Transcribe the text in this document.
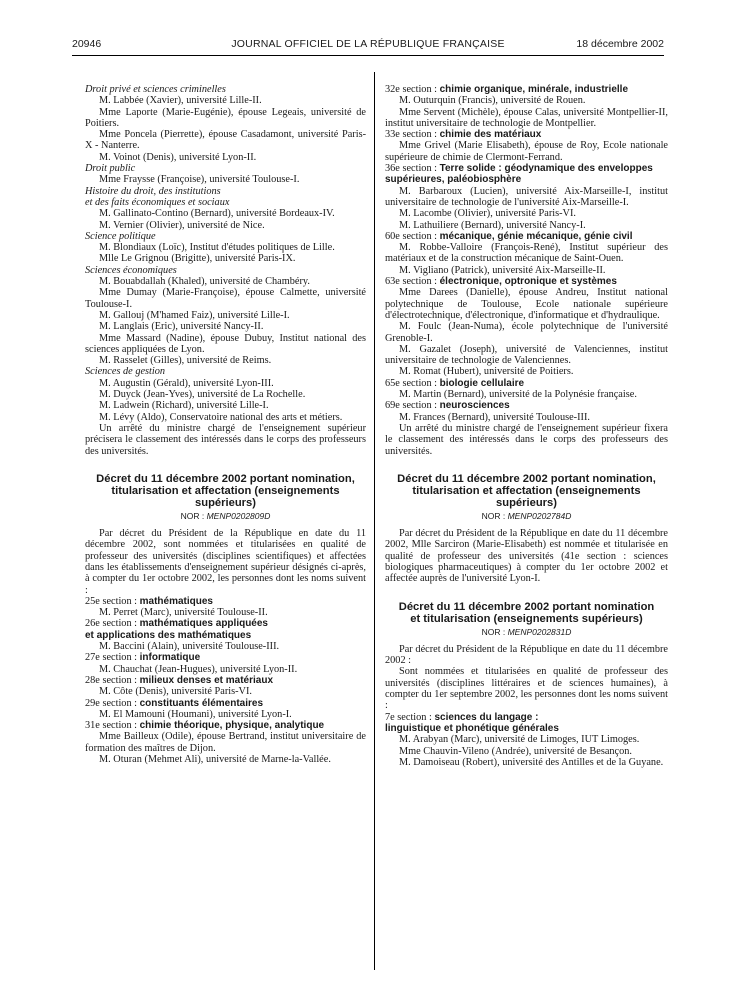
20946	JOURNAL OFFICIEL DE LA RÉPUBLIQUE FRANÇAISE	18 décembre 2002

Droit privé et sciences criminelles

M. Labbée (Xavier), université Lille-II.

Mme Laporte (Marie-Eugénie), épouse Legeais, université de Poitiers.

Mme Poncela (Pierrette), épouse Casadamont, université Paris-X - Nanterre.

M. Voinot (Denis), université Lyon-II.

Droit public

Mme Fraysse (Françoise), université Toulouse-I.

Histoire du droit, des institutions
et des faits économiques et sociaux

M. Gallinato-Contino (Bernard), université Bordeaux-IV.

M. Vernier (Olivier), université de Nice.

Science politique

M. Blondiaux (Loïc), Institut d'études politiques de Lille.

Mlle Le Grignou (Brigitte), université Paris-IX.

Sciences économiques

M. Bouabdallah (Khaled), université de Chambéry.

Mme Dumay (Marie-Françoise), épouse Calmette, université Toulouse-I.

M. Gallouj (M'hamed Faiz), université Lille-I.

M. Langlais (Eric), université Nancy-II.

Mme Massard (Nadine), épouse Dubuy, Institut national des sciences appliquées de Lyon.

M. Rasselet (Gilles), université de Reims.

Sciences de gestion

M. Augustin (Gérald), université Lyon-III.

M. Duyck (Jean-Yves), université de La Rochelle.

M. Ladwein (Richard), université Lille-I.

M. Lévy (Aldo), Conservatoire national des arts et métiers.

Un arrêté du ministre chargé de l'enseignement supérieur précisera le classement des intéressés dans le corps des professeurs des universités.

Décret du 11 décembre 2002 portant nomination,
titularisation et affectation (enseignements supérieurs)
NOR : MENP0202809D

Par décret du Président de la République en date du 11 décembre 2002, sont nommées et titularisées en qualité de professeur des universités (disciplines scientifiques) et affectées dans les établissements d'enseignement supérieur désignés ci-après, à compter du 1er octobre 2002, les personnes dont les noms suivent :

25e section : mathématiques

M. Perret (Marc), université Toulouse-II.

26e section : mathématiques appliquées
et applications des mathématiques

M. Baccini (Alain), université Toulouse-III.

27e section : informatique

M. Chauchat (Jean-Hugues), université Lyon-II.

28e section : milieux denses et matériaux

M. Côte (Denis), université Paris-VI.

29e section : constituants élémentaires

M. El Mamouni (Houmani), université Lyon-I.

31e section : chimie théorique, physique, analytique

Mme Bailleux (Odile), épouse Bertrand, institut universitaire de formation des maîtres de Dijon.

M. Oturan (Mehmet Ali), université de Marne-la-Vallée.

32e section : chimie organique, minérale, industrielle

M. Outurquin (Francis), université de Rouen.

Mme Servent (Michèle), épouse Calas, université Montpellier-II, institut universitaire de technologie de Montpellier.

33e section : chimie des matériaux

Mme Grivel (Marie Elisabeth), épouse de Roy, Ecole nationale supérieure de chimie de Clermont-Ferrand.

36e section : Terre solide : géodynamique des enveloppes
supérieures, paléobiosphère

M. Barbaroux (Lucien), université Aix-Marseille-I, institut universitaire de technologie de l'université Aix-Marseille-I.

M. Lacombe (Olivier), université Paris-VI.

M. Lathuiliere (Bernard), université Nancy-I.

60e section : mécanique, génie mécanique, génie civil

M. Robbe-Valloire (François-René), Institut supérieur des matériaux et de la construction mécanique de Saint-Ouen.

M. Vigliano (Patrick), université Aix-Marseille-II.

63e section : électronique, optronique et systèmes

Mme Darees (Danielle), épouse Andreu, Institut national polytechnique de Toulouse, Ecole nationale supérieure d'électrotechnique, d'électronique, d'informatique et d'hydraulique.

M. Foulc (Jean-Numa), école polytechnique de l'université Grenoble-I.

M. Gazalet (Joseph), université de Valenciennes, institut universitaire de technologie de Valenciennes.

M. Romat (Hubert), université de Poitiers.

65e section : biologie cellulaire

M. Martin (Bernard), université de la Polynésie française.

69e section : neurosciences

M. Frances (Bernard), université Toulouse-III.

Un arrêté du ministre chargé de l'enseignement supérieur fixera le classement des intéressés dans le corps des professeurs des universités.

Décret du 11 décembre 2002 portant nomination,
titularisation et affectation (enseignements supérieurs)
NOR : MENP0202784D

Par décret du Président de la République en date du 11 décembre 2002, Mlle Sarciron (Marie-Elisabeth) est nommée et titularisée en qualité de professeur des universités (41e section : sciences biologiques pharmaceutiques) à compter du 1er octobre 2002 et affectée auprès de l'université Lyon-I.

Décret du 11 décembre 2002 portant nomination
et titularisation (enseignements supérieurs)
NOR : MENP0202831D

Par décret du Président de la République en date du 11 décembre 2002 :

Sont nommées et titularisées en qualité de professeur des universités (disciplines littéraires et de sciences humaines), à compter du 1er septembre 2002, les personnes dont les noms suivent :

7e section : sciences du langage :
linguistique et phonétique générales

M. Arabyan (Marc), université de Limoges, IUT Limoges.

Mme Chauvin-Vileno (Andrée), université de Besançon.

M. Damoiseau (Robert), université des Antilles et de la Guyane.
